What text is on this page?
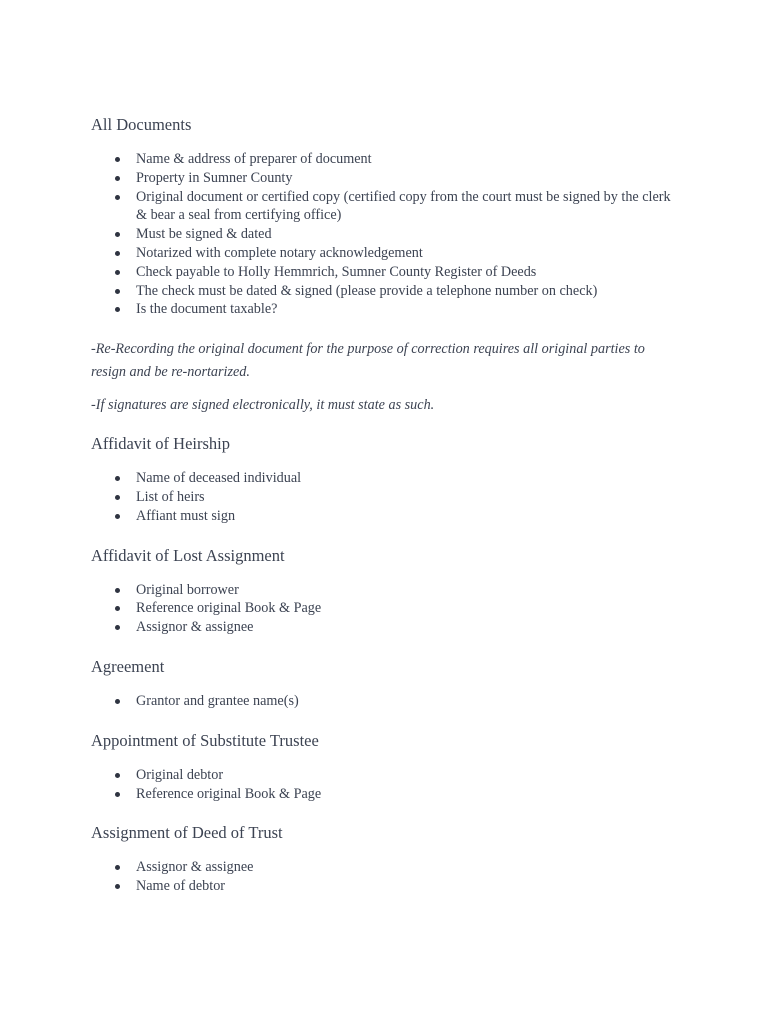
All Documents
Name & address of preparer of document
Property in Sumner County
Original document or certified copy (certified copy from the court must be signed by the clerk & bear a seal from certifying office)
Must be signed & dated
Notarized with complete notary acknowledgement
Check payable to Holly Hemmrich, Sumner County Register of Deeds
The check must be dated & signed (please provide a telephone number on check)
Is the document taxable?

-Re-Recording the original document for the purpose of correction requires all original parties to resign and be re-nortarized.

-If signatures are signed electronically, it must state as such.

Affidavit of Heirship
Name of deceased individual
List of heirs
Affiant must sign
Affidavit of Lost Assignment
Original borrower
Reference original Book & Page
Assignor & assignee
Agreement
Grantor and grantee name(s)
Appointment of Substitute Trustee
Original debtor
Reference original Book & Page
Assignment of Deed of Trust
Assignor & assignee
Name of debtor
